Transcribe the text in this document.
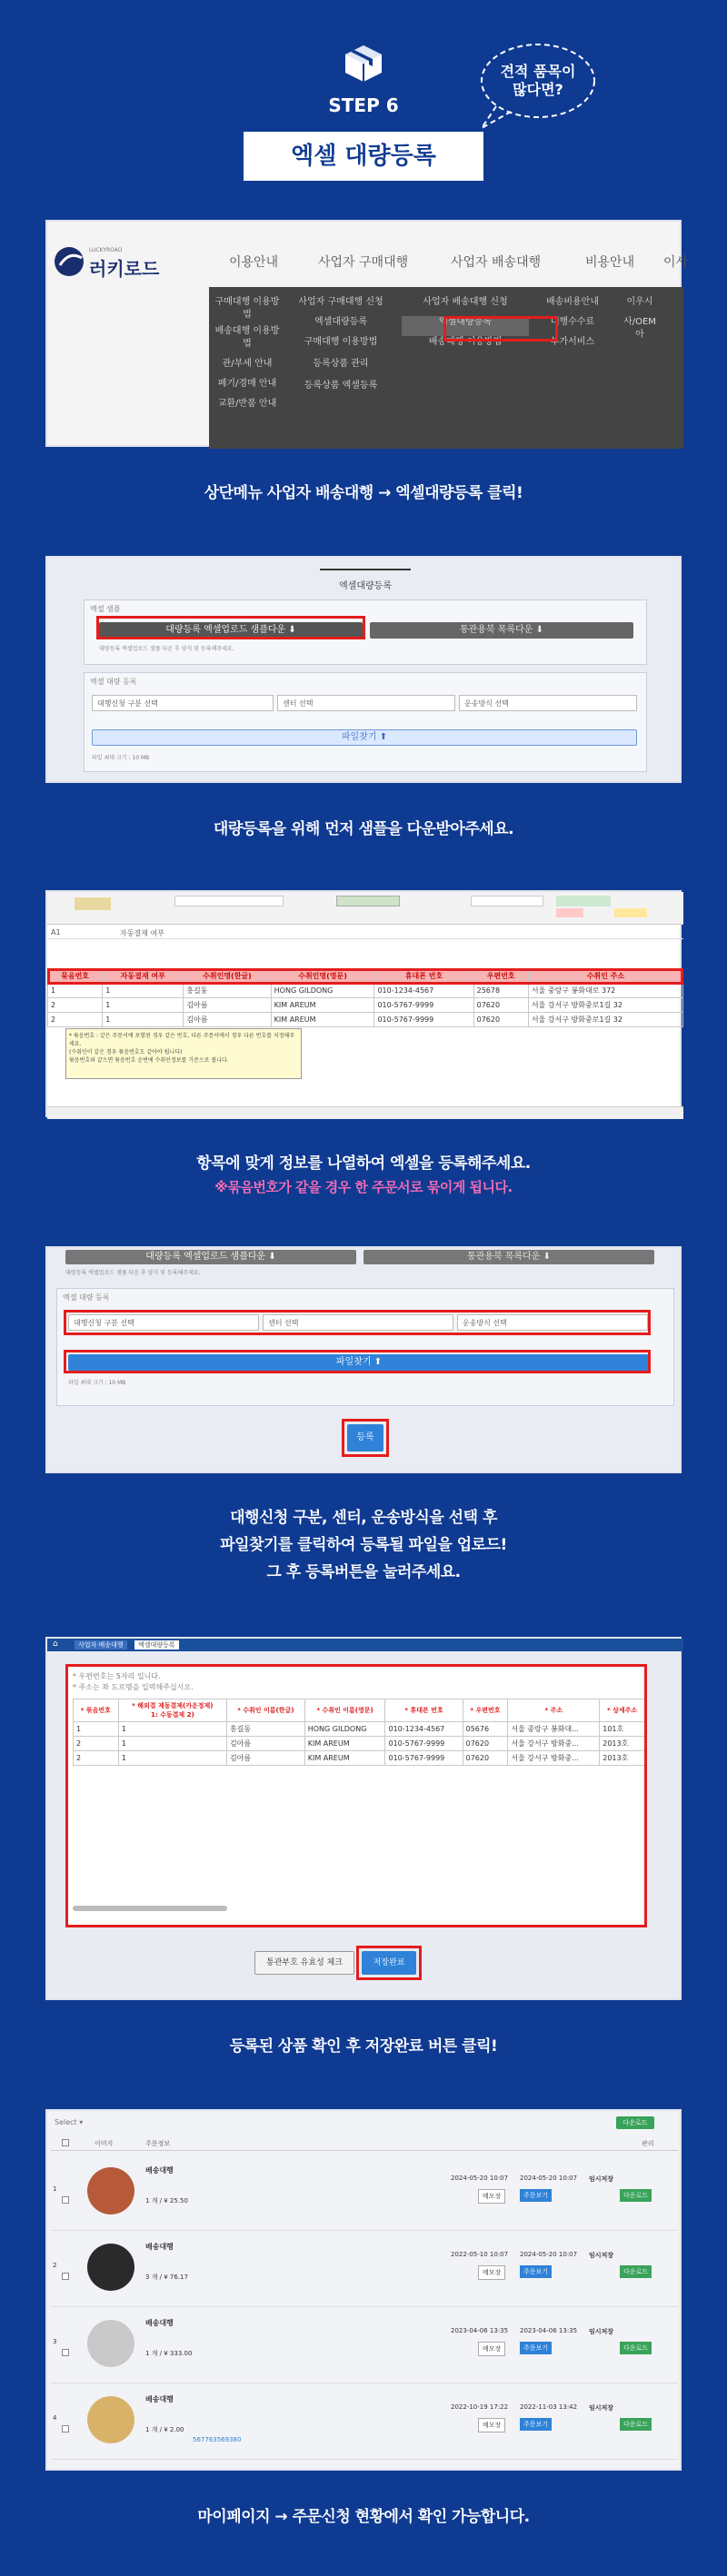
STEP 6
엑셀 대량등록
견적 품목이
많다면?
LUCKYROAD
러키로드	이용안내	사업자 구매대행	사업자 배송대행	비용안내	이사
구매대행 이용방법
배송대행 이용방법
관/부세 안내
폐기/경매 안내
교환/반품 안내
사업자 구매대행 신청
엑셀대량등록
구매대행 이용방법
등록상품 관리
등록상품 엑셀등록
사업자 배송대행 신청
엑셀대량등록
배송대행 이용방법
배송비용안내
대행수수료
부가서비스
이우시
사/OEM
아
상단메뉴 사업자 배송대행 → 엑셀대량등록 클릭!
엑셀대량등록
엑셀 샘플
대량등록 엑셀업로드 샘플다운 ⬇	통관용북 목록다운 ⬇
대량등록 엑셀업로드 샘플 다운 후 양식 및 등록해주세요.
엑셀 대량 등록
대행신청 구분 선택	센터 선택	운송방식 선택
파일찾기 ⬆
파일 최대 크기 : 10 MB
대량등록을 위해 먼저 샘플을 다운받아주세요.
A1	자동결재 여부
묶음번호	자동결재 여부	수취인명(한글)	수취인명(영문)	휴대폰 번호	우편번호	수취인 주소
1	1	홍길동	HONG GILDONG	010-1234-4567	25678	서울 중랑구 봉화대로 372
2	1	김아름	KIM AREUM	010-5767-9999	07620	서울 강서구 방화중로1길 32
2	1	김아름	KIM AREUM	010-5767-9999	07620	서울 강서구 방화중로1길 32
* 묶음번호 : 같은 주문서에 포함된 경우 같은 번호, 다른 주문서에서 경우 다른 번호를 지정해주세요.
(수취인이 같은 경우 묶음번호도 같아야 됩니다)
묶음번호와 같으면 묶음번호 순번에 수취인정보를 기준으로 봅니다.
항목에 맞게 정보를 나열하여 엑셀을 등록해주세요.
※묶음번호가 같을 경우 한 주문서로 묶이게 됩니다.
대량등록 엑셀업로드 샘플다운 ⬇	통관용북 목록다운 ⬇
대량등록 엑셀업로드 샘플 다운 후 양식 및 등록해주세요.
엑셀 대량 등록
대행신청 구분 선택	센터 선택	운송방식 선택
파일찾기 ⬆
파일 최대 크기 : 10 MB
등록
대행신청 구분, 센터, 운송방식을 선택 후
파일찾기를 클릭하여 등록될 파일을 업로드!
그 후 등록버튼을 눌러주세요.
⌂	사업자 배송대행	엑셀대량등록
* 우편번호는 5자리 입니다.
* 주소는 좌 도로명을 입력해주십시오.
* 묶음번호	* 해외결 제동결제(카운정제)
1: 수동결제 2)	* 수취인 이름(한글)	* 수취인 이름(영문)	* 휴대폰 번호	* 우편번호	* 주소	* 상세주소
1	1	홍길동	HONG GILDONG	010-1234-4567	05676	서울 중랑구 봉화대...	101호
2	1	김아름	KIM AREUM	010-5767-9999	07620	서울 강서구 방화중...	2013호
2	1	김아름	KIM AREUM	010-5767-9999	07620	서울 강서구 방화중...	2013호
통관부호 유효성 체크	저장완료
등록된 상품 확인 후 저장완료 버튼 클릭!
Select ▾	다운로드
이미지	주문정보	관리
1
배송대행
1 개 / ¥ 25.50
2024-05-20 10:07 2024-05-20 10:07 임시저장
메모장	주문보기	다운로드
2
배송대행
3 개 / ¥ 76.17
2022-05-10 10:07 2024-05-20 10:07 임시저장
메모장	주문보기	다운로드
3
배송대행
1 개 / ¥ 333.00
2023-04-06 13:35 2023-04-06 13:35 임시저장
메모장	주문보기	다운로드
4
배송대행
1 개 / ¥ 2.00
2022-10-19 17:22 2022-11-03 13:42 임시저장
메모장	주문보기	다운로드
567763569380
마이페이지 → 주문신청 현황에서 확인 가능합니다.
